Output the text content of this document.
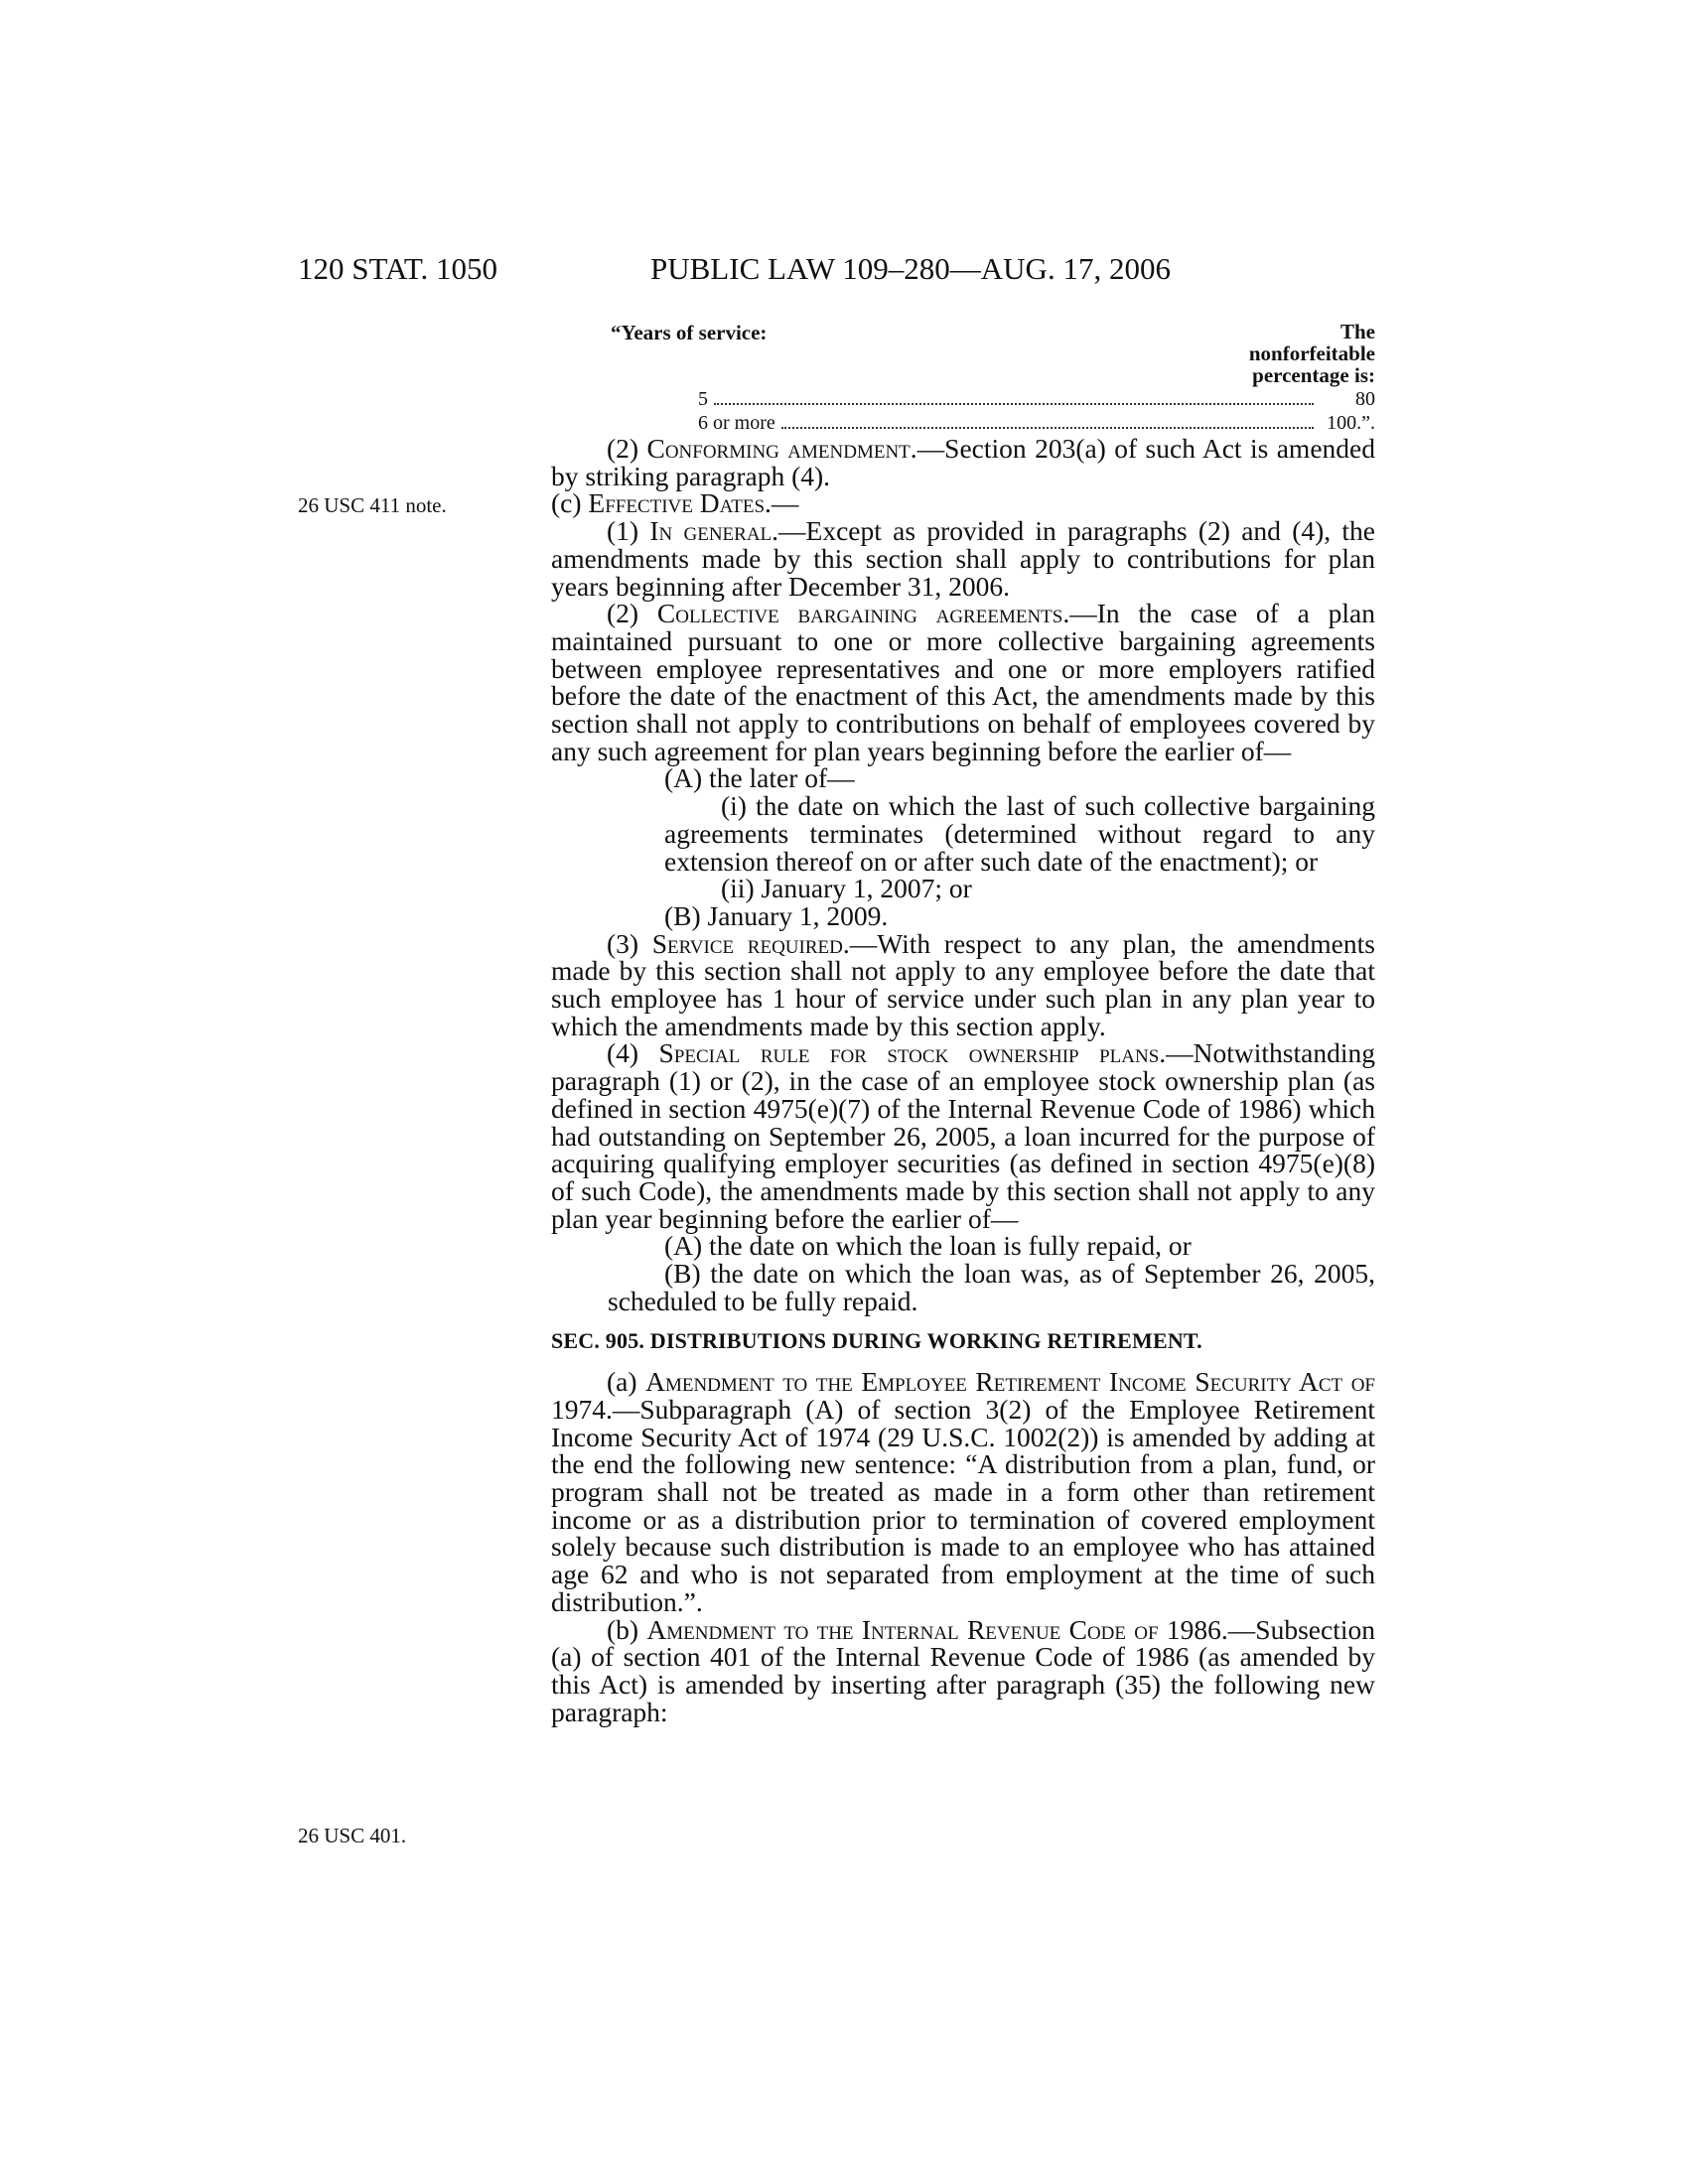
120 STAT. 1050	PUBLIC LAW 109–280—AUG. 17, 2006
26 USC 411 note.
26 USC 401.
“Years of service:	The
nonforfeitable
percentage is:
5	80
6 or more	100.”.

(2) Conforming amendment.—Section 203(a) of such Act is amended by striking paragraph (4).

(c) Effective Dates.—

(1) In general.—Except as provided in paragraphs (2) and (4), the amendments made by this section shall apply to contributions for plan years beginning after December 31, 2006.

(2) Collective bargaining agreements.—In the case of a plan maintained pursuant to one or more collective bargaining agreements between employee representatives and one or more employers ratified before the date of the enactment of this Act, the amendments made by this section shall not apply to contributions on behalf of employees covered by any such agreement for plan years beginning before the earlier of—

(A) the later of—

(i) the date on which the last of such collective bargaining agreements terminates (determined without regard to any extension thereof on or after such date of the enactment); or

(ii) January 1, 2007; or

(B) January 1, 2009.

(3) Service required.—With respect to any plan, the amendments made by this section shall not apply to any employee before the date that such employee has 1 hour of service under such plan in any plan year to which the amendments made by this section apply.

(4) Special rule for stock ownership plans.—Notwithstanding paragraph (1) or (2), in the case of an employee stock ownership plan (as defined in section 4975(e)(7) of the Internal Revenue Code of 1986) which had outstanding on September 26, 2005, a loan incurred for the purpose of acquiring qualifying employer securities (as defined in section 4975(e)(8) of such Code), the amendments made by this section shall not apply to any plan year beginning before the earlier of—

(A) the date on which the loan is fully repaid, or

(B) the date on which the loan was, as of September 26, 2005, scheduled to be fully repaid.

SEC. 905. DISTRIBUTIONS DURING WORKING RETIREMENT.

(a) Amendment to the Employee Retirement Income Security Act of 1974.—Subparagraph (A) of section 3(2) of the Employee Retirement Income Security Act of 1974 (29 U.S.C. 1002(2)) is amended by adding at the end the following new sentence: “A distribution from a plan, fund, or program shall not be treated as made in a form other than retirement income or as a distribution prior to termination of covered employment solely because such distribution is made to an employee who has attained age 62 and who is not separated from employment at the time of such distribution.”.

(b) Amendment to the Internal Revenue Code of 1986.—Subsection (a) of section 401 of the Internal Revenue Code of 1986 (as amended by this Act) is amended by inserting after paragraph (35) the following new paragraph:
